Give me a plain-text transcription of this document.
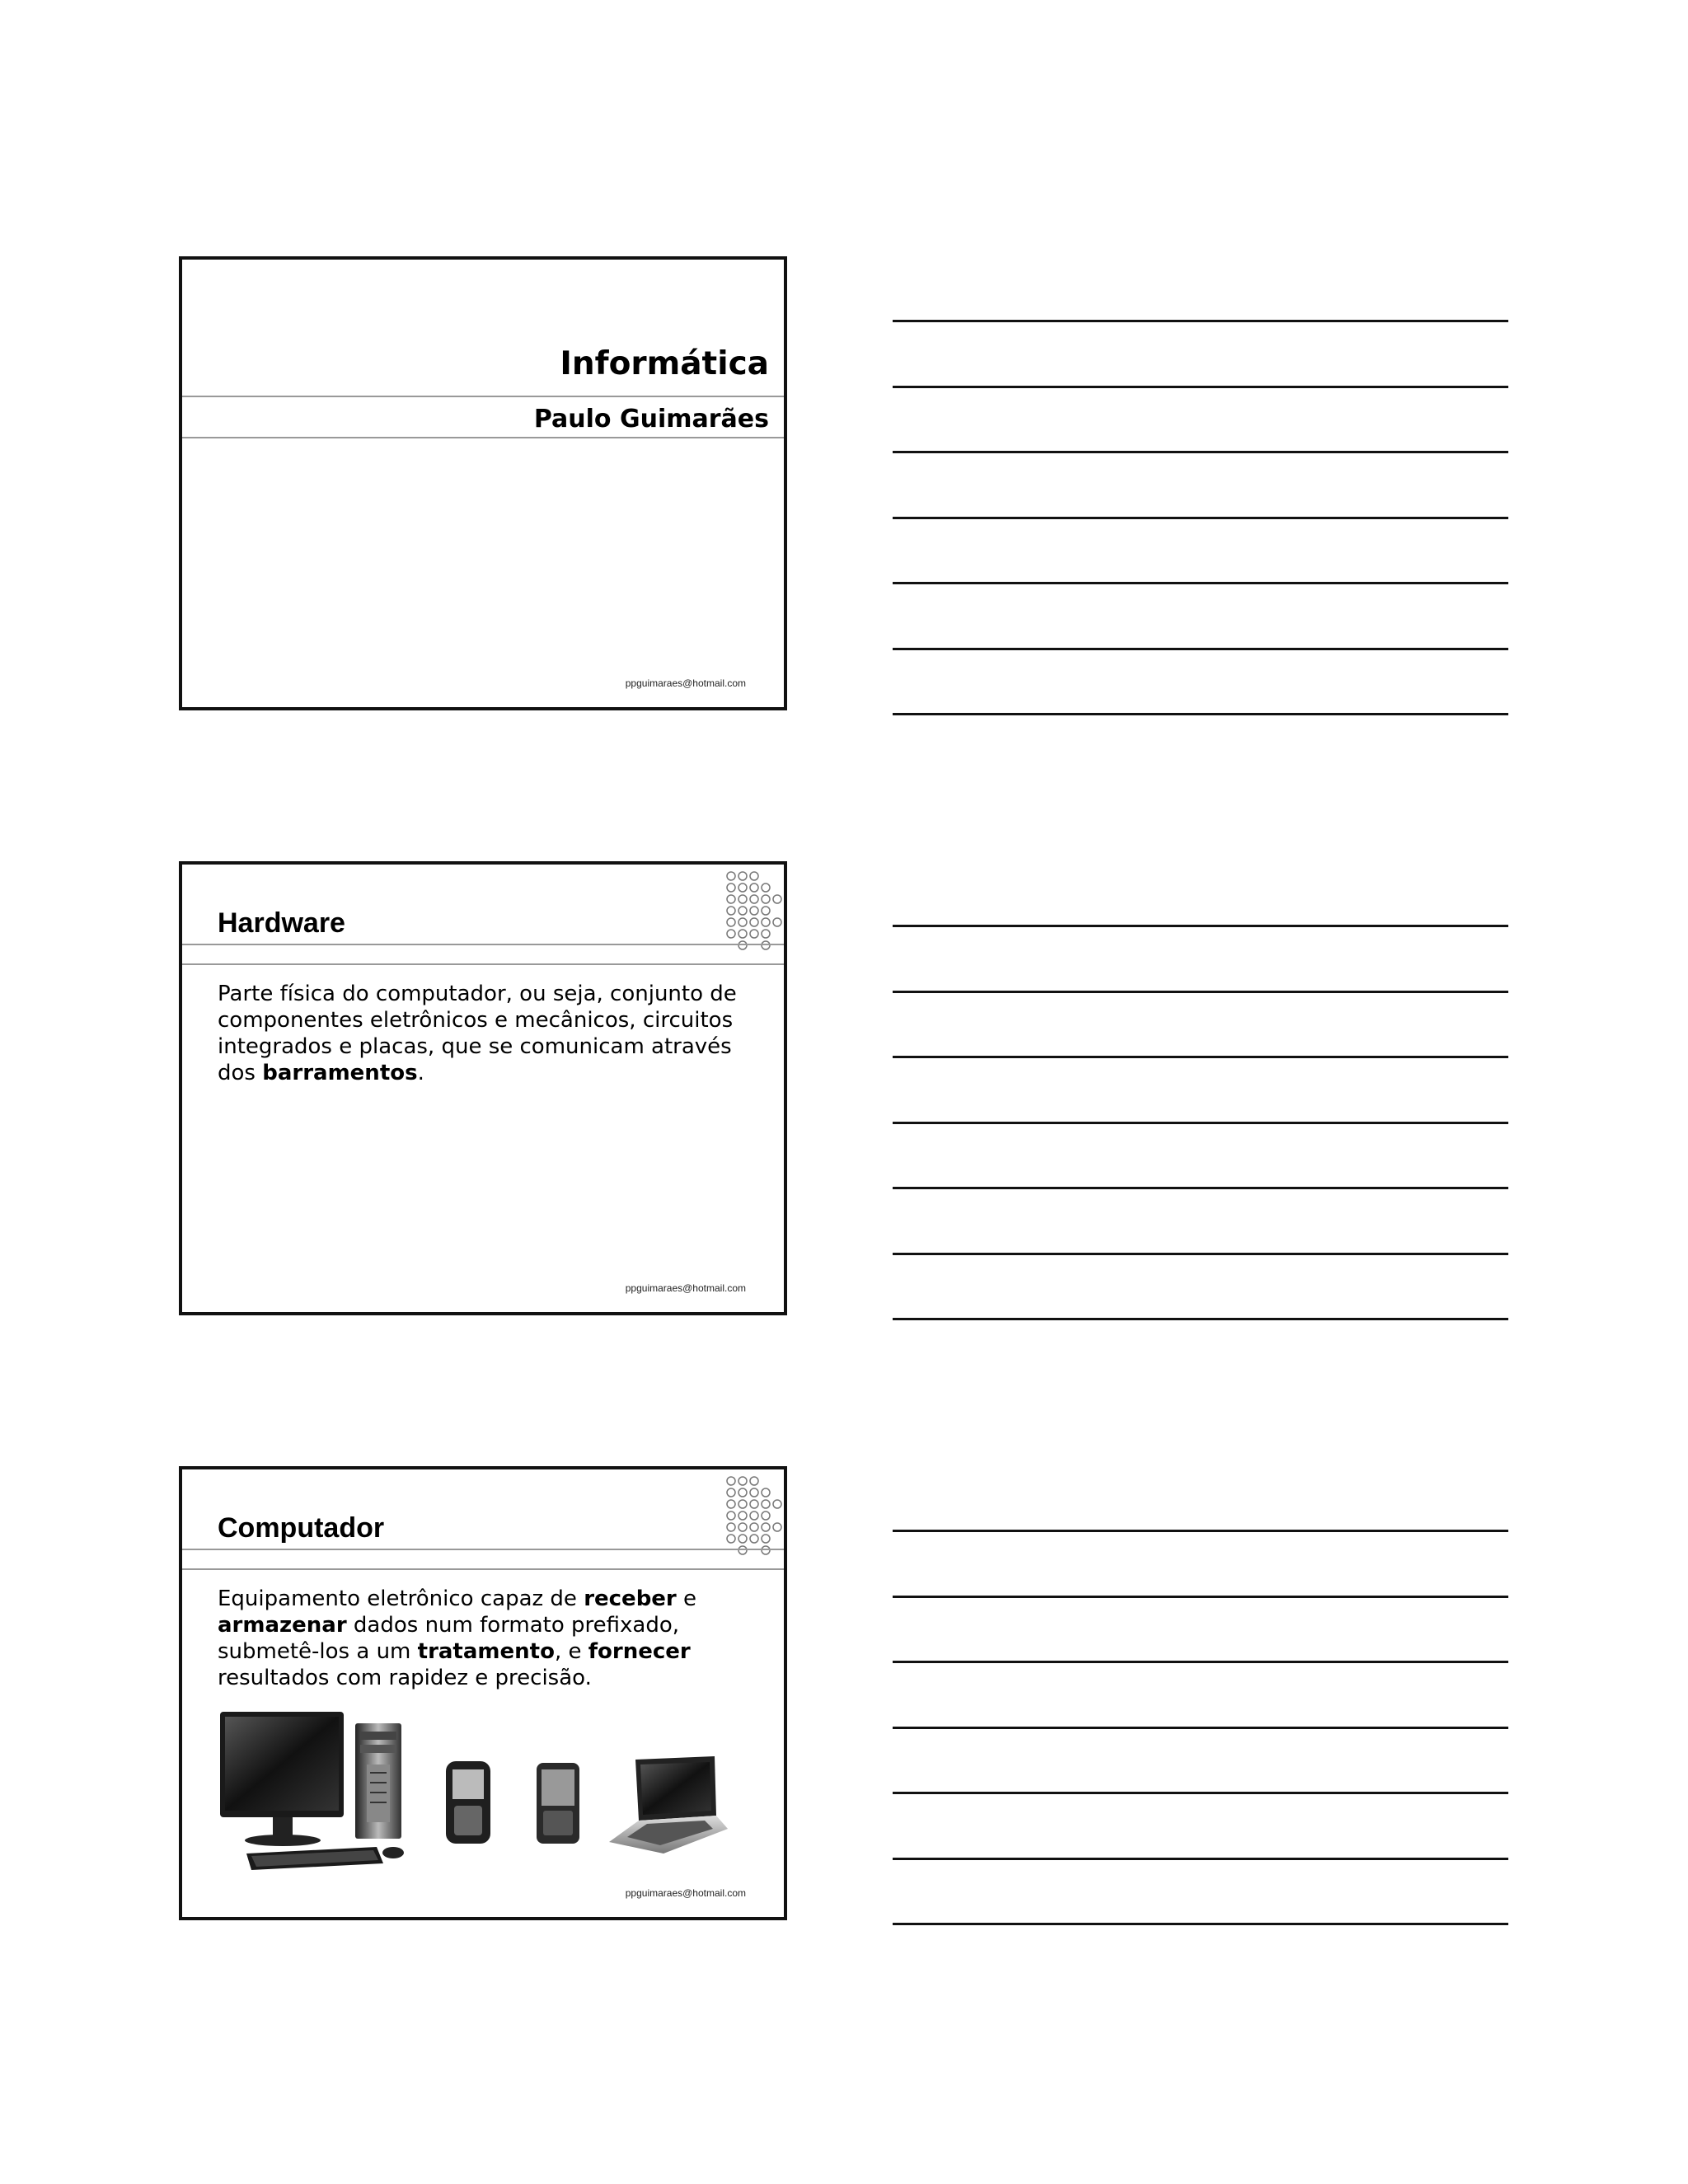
Informática
Paulo Guimarães
ppguimaraes@hotmail.com
Hardware
Parte física do computador, ou seja, conjunto de componentes eletrônicos e mecânicos, circuitos integrados e placas, que se comunicam através dos barramentos.
ppguimaraes@hotmail.com
Computador
Equipamento eletrônico capaz de receber e armazenar dados num formato prefixado, submetê-los a um tratamento, e fornecer resultados com rapidez e precisão.
ppguimaraes@hotmail.com
